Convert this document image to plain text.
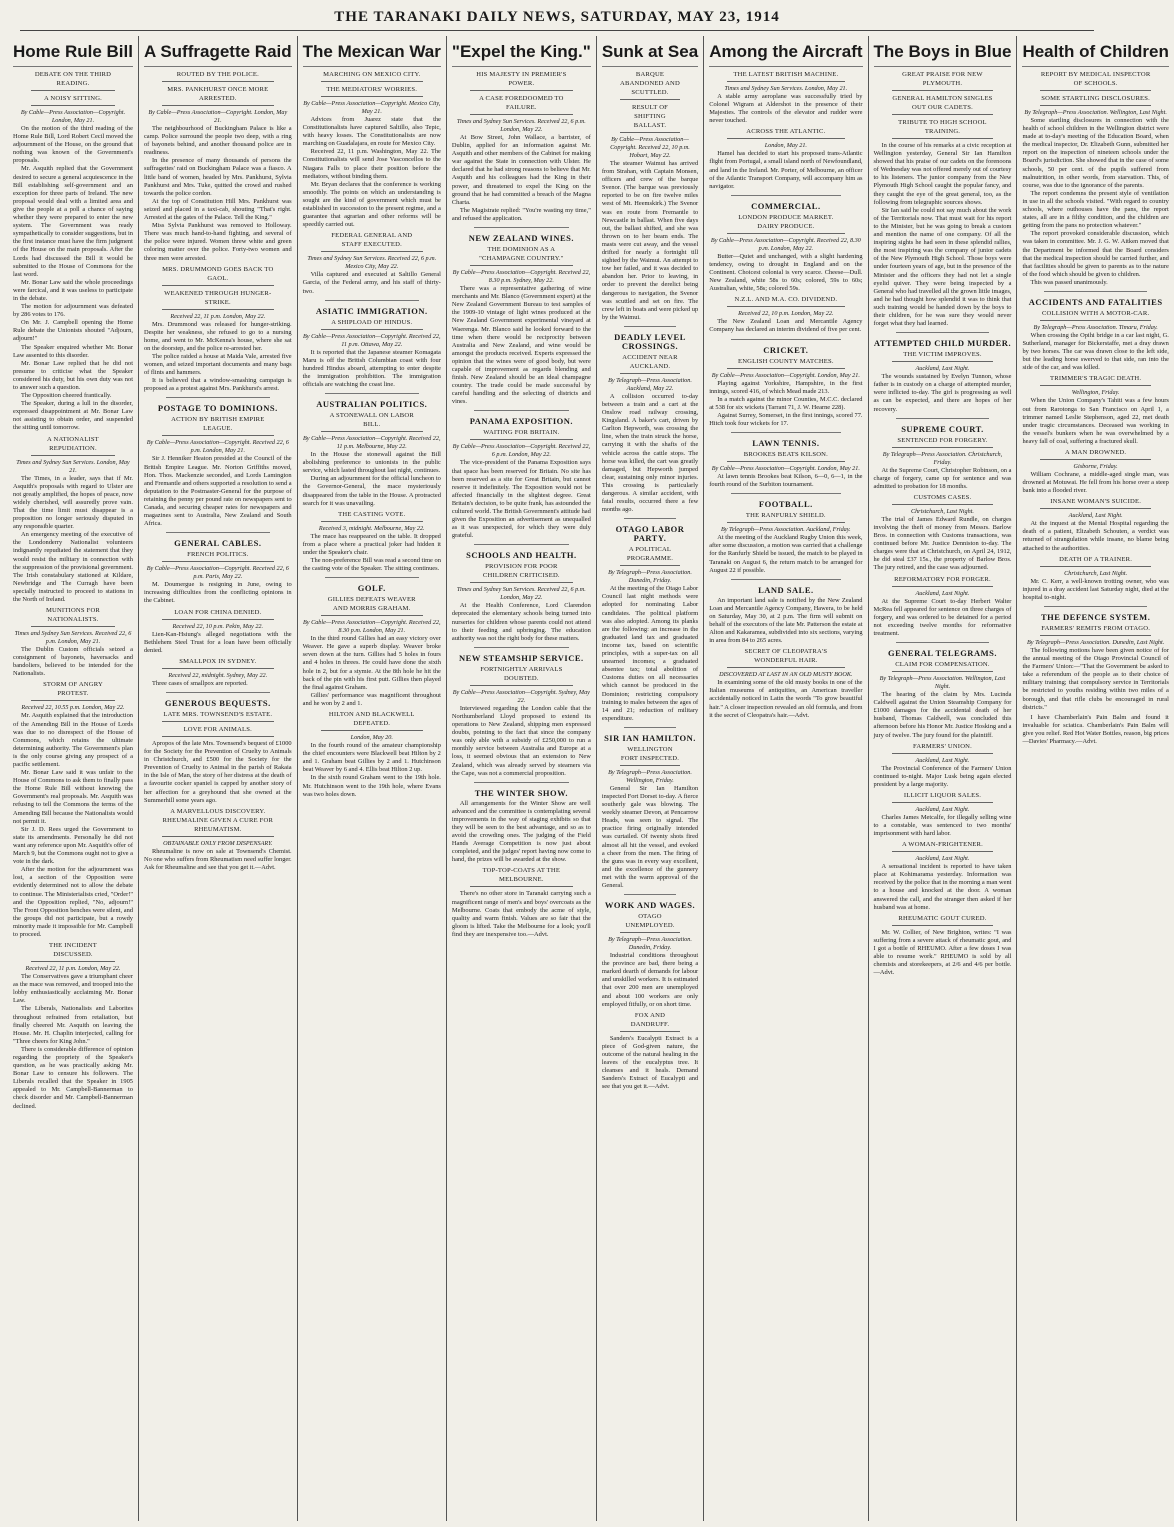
THE TARANAKI DAILY NEWS, SATURDAY, MAY 23, 1914
Home Rule Bill
DEBATE ON THE THIRD READING.
A NOISY SITTING.
By Cable—Press Association—Copyright. London, May 21.

On the motion of the third reading of the Home Rule Bill, Lord Robert Cecil moved the adjournment of the House, on the ground that nothing was known of the Government's proposals.

Mr. Asquith replied that the Government desired to secure a general acquiescence in the Bill establishing self-government and an exception for three parts of Ireland. The new proposal would deal with a limited area and give the people at a poll a chance of saying whether they were prepared to enter the new system. The Government was ready sympathetically to consider suggestions, but in the first instance must have the firm judgment of the House on the main proposals. After the Lords had discussed the Bill it would be submitted to the House of Commons for the last word.

Mr. Bonar Law said the whole proceedings were farcical, and it was useless to participate in the debate.

The motion for adjournment was defeated by 286 votes to 176.

On Mr. J. Campbell opening the Home Rule debate the Unionists shouted "Adjourn, adjourn!"

The Speaker enquired whether Mr. Bonar Law assented to this disorder.

Mr. Bonar Law replied that he did not presume to criticise what the Speaker considered his duty, but his own duty was not to answer such a question.

The Opposition cheered frantically.

The Speaker, during a lull in the disorder, expressed disappointment at Mr. Bonar Law not assisting to obtain order, and suspended the sitting until tomorrow.

A NATIONALIST REPUDIATION.
Times and Sydney Sun Services. London, May 21.

The Times, in a leader, says that if Mr. Asquith's proposals with regard to Ulster are not greatly amplified, the hopes of peace, now widely cherished, will assuredly prove vain. That the time limit must disappear is a proposition no longer seriously disputed in any responsible quarter.

An emergency meeting of the executive of the Londonderry Nationalist volunteers indignantly repudiated the statement that they would resist the military in connection with the suppression of the provisional government. The Irish constabulary stationed at Kildare, Newbridge and The Curragh have been specially instructed to proceed to stations in the North of Ireland.

MUNITIONS FOR NATIONALISTS.
Times and Sydney Sun Services. Received 22, 6 p.m. London, May 21.

The Dublin Custom officials seized a consignment of bayonets, haversacks and bandoliers, believed to be intended for the Nationalists.

STORM OF ANGRY PROTEST.
Received 22, 10.55 p.m. London, May 22.

Mr. Asquith explained that the introduction of the Amending Bill in the House of Lords was due to no disrespect of the House of Commons, which retains the ultimate determining authority. The Government's plan is the only course giving any prospect of a pacific settlement.

Mr. Bonar Law said it was unfair to the House of Commons to ask them to finally pass the Home Rule Bill without knowing the Government's real proposals. Mr. Asquith was refusing to tell the Commons the terms of the Amending Bill because the Nationalists would not permit it.

Sir J. D. Rees urged the Government to state its amendments. Personally he did not want any reference upon Mr. Asquith's offer of March 9, but the Commons ought not to give a vote in the dark.

After the motion for the adjournment was lost, a section of the Opposition were evidently determined not to allow the debate to continue. The Ministerialists cried, "Order!" and the Opposition replied, "No, adjourn!" The Front Opposition benches were silent, and the groups did not participate, but a rowdy minority made it impossible for Mr. Campbell to proceed.

THE INCIDENT DISCUSSED.
Received 22, 11 p.m. London, May 22.

The Conservatives gave a triumphant cheer as the mace was removed, and trooped into the lobby enthusiastically acclaiming Mr. Bonar Law.

The Liberals, Nationalists and Laborites throughout refrained from retaliation, but finally cheered Mr. Asquith on leaving the House. Mr. H. Chaplin interjected, calling for "Three cheers for King John."

There is considerable difference of opinion regarding the propriety of the Speaker's question, as he was practically asking Mr. Bonar Law to censure his followers. The Liberals recalled that the Speaker in 1905 appealed to Mr. Campbell-Bannerman to check disorder and Mr. Campbell-Bannerman declined.

A Suffragette Raid
ROUTED BY THE POLICE.
MRS. PANKHURST ONCE MORE ARRESTED.
By Cable—Press Association—Copyright. London, May 21.

The neighbourhood of Buckingham Palace is like a camp. Police surround the people two deep, with a ring of bayonets behind, and another thousand police are in readiness.

In the presence of many thousands of persons the suffragettes' raid on Buckingham Palace was a fiasco. A little band of women, headed by Mrs. Pankhurst, Sylvia Pankhurst and Mrs. Tuke, quitted the crowd and rushed towards the police cordon.

At the top of Constitution Hill Mrs. Pankhurst was seized and placed in a taxi-cab, shouting "That's right. Arrested at the gates of the Palace. Tell the King."

Miss Sylvia Pankhurst was removed to Holloway. There was much hand-to-hand fighting, and several of the police were injured. Women threw white and green coloring matter over the police. Forty-two women and three men were arrested.

MRS. DRUMMOND GOES BACK TO GAOL.
WEAKENED THROUGH HUNGER-STRIKE.
Received 22, 11 p.m. London, May 22.

Mrs. Drummond was released for hunger-striking. Despite her weakness, she refused to go to a nursing home, and went to Mr. McKenna's house, where she sat on the doorstep, and the police re-arrested her.

The police raided a house at Maida Vale, arrested five women, and seized important documents and many bags of flints and hammers.

It is believed that a window-smashing campaign is proposed as a protest against Mrs. Pankhurst's arrest.

POSTAGE TO DOMINIONS.
ACTION BY BRITISH EMPIRE LEAGUE.
By Cable—Press Association—Copyright. Received 22, 6 p.m. London, May 21.

Sir J. Henniker Heaton presided at the Council of the British Empire League. Mr. Norton Griffiths moved, Hon. Thos. Mackenzie seconded, and Lords Lamington and Fremantle and others supported a resolution to send a deputation to the Postmaster-General for the purpose of retaining the penny per pound rate on newspapers sent to Canada, and securing cheaper rates for newspapers and magazines sent to Australia, New Zealand and South Africa.

GENERAL CABLES.
FRENCH POLITICS.
By Cable—Press Association—Copyright. Received 22, 6 p.m. Paris, May 22.

M. Doumergue is resigning in June, owing to increasing difficulties from the conflicting opinions in the Cabinet.

LOAN FOR CHINA DENIED.
Received 22, 10 p.m. Pekin, May 22.

Lien-Kan-Hsiung's alleged negotiations with the Bethlehem Steel Trust for a loan have been officially denied.

SMALLPOX IN SYDNEY.
Received 22, midnight. Sydney, May 22.

Three cases of smallpox are reported.

GENEROUS BEQUESTS.
LATE MRS. TOWNSEND'S ESTATE.
LOVE FOR ANIMALS.

Apropos of the late Mrs. Townsend's bequest of £1000 for the Society for the Prevention of Cruelty to Animals in Christchurch, and £500 for the Society for the Prevention of Cruelty to Animal in the parish of Rakaia in the Isle of Man, the story of her distress at the death of a favourite cocker spaniel is capped by another story of her affection for a greyhound that she owned at the Summerhill some years ago.

A MARVELLOUS DISCOVERY. RHEUMALINE GIVEN A CURE FOR RHEUMATISM.
OBTAINABLE ONLY FROM DISPENSARY.

Rheumaline is now on sale at Townsend's Chemist. No one who suffers from Rheumatism need suffer longer. Ask for Rheumaline and see that you get it.—Advt.

The Mexican War
MARCHING ON MEXICO CITY.
THE MEDIATORS' WORRIES.
By Cable—Press Association—Copyright. Mexico City, May 21.

Advices from Juarez state that the Constitutionalists have captured Saltillo, also Tepic, with heavy losses. The Constitutionalists are now marching on Guadalajara, en route for Mexico City.

Received 22, 11 p.m. Washington, May 22. The Constitutionalists will send Jose Vasconcellos to the Niagara Falls to place their position before the mediators, without binding them.

Mr. Bryan declares that the conference is working smoothly. The points on which an understanding is sought are the kind of government which must be established in succession to the present regime, and a guarantee that agrarian and other reforms will be speedily carried out.

FEDERAL GENERAL AND STAFF EXECUTED.
Times and Sydney Sun Services. Received 22, 6 p.m. Mexico City, May 22.

Villa captured and executed at Saltillo General Garcia, of the Federal army, and his staff of thirty-two.

ASIATIC IMMIGRATION.
A SHIPLOAD OF HINDUS.
By Cable—Press Association—Copyright. Received 22, 11 p.m. Ottawa, May 22.

It is reported that the Japanese steamer Komagata Maru is off the British Columbian coast with four hundred Hindus aboard, attempting to enter despite the immigration prohibition. The immigration officials are watching the coast line.

AUSTRALIAN POLITICS.
A STONEWALL ON LABOR BILL.
By Cable—Press Association—Copyright. Received 22, 11 p.m. Melbourne, May 22.

In the House the stonewall against the Bill abolishing preference to unionists in the public service, which lasted throughout last night, continues.

During an adjournment for the official luncheon to the Governor-General, the mace mysteriously disappeared from the table in the House. A protracted search for it was unavailing.

THE CASTING VOTE.
Received 3, midnight. Melbourne, May 22.

The mace has reappeared on the table. It dropped from a place where a practical joker had hidden it under the Speaker's chair.

The non-preference Bill was read a second time on the casting vote of the Speaker. The sitting continues.

GOLF.
GILLIES DEFEATS WEAVER AND MORRIS GRAHAM.
By Cable—Press Association—Copyright. Received 22, 8.30 p.m. London, May 21.

In the third round Gillies had an easy victory over Weaver. He gave a superb display. Weaver broke seven down at the turn. Gillies had 5 holes in fours and 4 holes in threes. He could have done the sixth hole in 2, but for a stymie. At the 8th hole he hit the back of the pin with his first putt. Gillies then played the final against Graham.

Gillies' performance was magnificent throughout and he won by 2 and 1.

HILTON AND BLACKWELL DEFEATED.
London, May 20.

In the fourth round of the amateur championship the chief encounters were Blackwell beat Hilton by 2 and 1. Graham beat Gillies by 2 and 1. Hutchinson beat Weaver by 6 and 4. Ellis beat Hilton 2 up.

In the sixth round Graham went to the 19th hole. Mr. Hutchinson went to the 19th hole, where Evans was two holes down.

"Expel the King."
HIS MAJESTY IN PREMIER'S POWER.
A CASE FOREDOOMED TO FAILURE.
Times and Sydney Sun Services. Received 22, 6 p.m. London, May 22.

At Bow Street, John Wallace, a barrister, of Dublin, applied for an information against Mr. Asquith and other members of the Cabinet for making war against the State in connection with Ulster. He declared that he had strong reasons to believe that Mr. Asquith and his colleagues had the King in their power, and threatened to expel the King on the ground that he had committed a breach of the Magna Charta.

The Magistrate replied: "You're wasting my time," and refused the application.

NEW ZEALAND WINES.
THE DOMINION AS A "CHAMPAGNE COUNTRY."
By Cable—Press Association—Copyright. Received 22, 8.30 p.m. Sydney, May 22.

There was a representative gathering of wine merchants and Mr. Blanco (Government expert) at the New Zealand Government Bureau to test samples of the 1909-10 vintage of light wines produced at the New Zealand Government experimental vineyard at Waerenga. Mr. Blanco said he looked forward to the time when there would be reciprocity between Australia and New Zealand, and wine would be amongst the products received. Experts expressed the opinion that the wines were of good body, but were capable of improvement as regards blending and finish. New Zealand should be an ideal champagne country. The trade could be made successful by careful handling and the selecting of districts and vines.

PANAMA EXPOSITION.
WAITING FOR BRITAIN.
By Cable—Press Association—Copyright. Received 22, 6 p.m. London, May 22.

The vice-president of the Panama Exposition says that space has been reserved for Britain. No site has been reserved as a site for Great Britain, but cannot reserve it indefinitely. The Exposition would not be affected financially in the slightest degree. Great Britain's decision, to be quite frank, has astounded the cultured world. The British Government's attitude had given the Exposition an advertisement as unequalled as it was unexpected, for which they were duly grateful.

SCHOOLS AND HEALTH.
PROVISION FOR POOR CHILDREN CRITICISED.
Times and Sydney Sun Services. Received 22, 6 p.m. London, May 22.

At the Health Conference, Lord Clarendon deprecated the elementary schools being turned into nurseries for children whose parents could not attend to their feeding and upbringing. The education authority was not the right body for these matters.

NEW STEAMSHIP SERVICE.
FORTNIGHTLY ARRIVALS DOUBTED.
By Cable—Press Association—Copyright. Sydney, May 22.

Interviewed regarding the London cable that the Northumberland Lloyd proposed to extend its operations to New Zealand, shipping men expressed doubts, pointing to the fact that since the company was only able with a subsidy of £250,000 to run a monthly service between Australia and Europe at a loss, it seemed obvious that an extension to New Zealand, which was already served by steamers via the Cape, was not a commercial proposition.

THE WINTER SHOW.

All arrangements for the Winter Show are well advanced and the committee is contemplating several improvements in the way of staging exhibits so that they will be seen to the best advantage, and so as to avoid the crowding ones. The judging of the Field Hands Average Competition is now just about completed, and the judges' report having now come to hand, the prizes will be awarded at the show.

TOP-TOP-COATS AT THE MELBOURNE.

There's no other store in Taranaki carrying such a magnificent range of men's and boys' overcoats as the Melbourne. Coats that embody the acme of style, quality and warm finish. Values are so fair that the gloom is lifted. Take the Melbourne for a look; you'll find they are inexpensive too.—Advt.

Sunk at Sea
BARQUE ABANDONED AND SCUTTLED.
RESULT OF SHIFTING BALLAST.
By Cable—Press Association—Copyright. Received 22, 10 p.m. Hobart, May 22.

The steamer Waimui has arrived from Strahan, with Captain Monsen, officers and crew of the barque Svenor. (The barque was previously reported to be on fire twelve miles west of Mt. Heemskirk.) The Svenor was en route from Fremantle to Newcastle in ballast. When five days out, the ballast shifted, and she was thrown on to her beam ends. The masts were cut away, and the vessel drifted for nearly a fortnight till sighted by the Waimui. An attempt to tow her failed, and it was decided to abandon her. Prior to leaving, in order to prevent the derelict being dangerous to navigation, the Svenor was scuttled and set on fire. The crew left in boats and were picked up by the Waimui.

DEADLY LEVEL CROSSINGS.
ACCIDENT NEAR AUCKLAND.
By Telegraph—Press Association. Auckland, May 22.

A collision occurred to-day between a train and a cart at the Onslow road railway crossing, Kingsland. A baker's cart, driven by Carlton Hepworth, was crossing the line, when the train struck the horse, carrying it with the shafts of the vehicle across the cattle stops. The horse was killed, the cart was greatly damaged, but Hepworth jumped clear, sustaining only minor injuries. This crossing is particularly dangerous. A similar accident, with fatal results, occurred there a few months ago.

OTAGO LABOR PARTY.
A POLITICAL PROGRAMME.
By Telegraph—Press Association. Dunedin, Friday.

At the meeting of the Otago Labor Council last night methods were adopted for nominating Labor candidates. The political platform was also adopted. Among its planks are the following: an increase in the graduated land tax and graduated income tax, based on scientific principles, with a super-tax on all unearned incomes; a graduated absentee tax; total abolition of Customs duties on all necessaries which cannot be produced in the Dominion; restricting compulsory training to males between the ages of 14 and 21; reduction of military expenditure.

SIR IAN HAMILTON.
WELLINGTON FORT INSPECTED.
By Telegraph—Press Association. Wellington, Friday.

General Sir Ian Hamilton inspected Fort Dorset to-day. A fierce southerly gale was blowing. The weekly steamer Devon, at Pencarrow Heads, was seen to signal. The practice firing originally intended was curtailed. Of twenty shots fired almost all hit the vessel, and evoked a cheer from the men. The firing of the guns was in every way excellent, and the excellence of the gunnery met with the warm approval of the General.

WORK AND WAGES.
OTAGO UNEMPLOYED.
By Telegraph—Press Association. Dunedin, Friday.

Industrial conditions throughout the province are bad, there being a marked dearth of demands for labour and unskilled workers. It is estimated that over 200 men are unemployed and about 100 workers are only employed fitfully, or on short time.

FOX AND DANDRUFF.

Sanders's Eucalypti Extract is a piece of God-given nature, the outcome of the natural healing in the leaves of the eucalyptus tree. It cleanses and it heals. Demand Sanders's Extract of Eucalypti and see that you get it.—Advt.

Among the Aircraft
THE LATEST BRITISH MACHINE.
Times and Sydney Sun Services. London, May 21.

A stable army aeroplane was successfully tried by Colonel Wigram at Aldershot in the presence of their Majesties. The controls of the elevator and rudder were never touched.

ACROSS THE ATLANTIC.
London, May 21.

Hamel has decided to start his proposed trans-Atlantic flight from Portugal, a small island north of Newfoundland, and land in the Ireland. Mr. Porter, of Melbourne, an officer of the Atlantic Transport Company, will accompany him as navigator.

COMMERCIAL.
LONDON PRODUCE MARKET. DAIRY PRODUCE.
By Cable—Press Association—Copyright. Received 22, 8.30 p.m. London, May 22.

Butter—Quiet and unchanged, with a slight hardening tendency, owing to drought in England and on the Continent. Choicest colonial is very scarce. Cheese—Dull. New Zealand, white 58s to 60s; colored, 59s to 60s; Australian, white, 58s; colored 59s.

N.Z.L. AND M.A. CO. DIVIDEND.
Received 22, 10 p.m. London, May 22.

The New Zealand Loan and Mercantile Agency Company has declared an interim dividend of five per cent.

CRICKET.
ENGLISH COUNTY MATCHES.
By Cable—Press Association—Copyright. London, May 21.

Playing against Yorkshire, Hampshire, in the first innings, scored 416, of which Mead made 213.

In a match against the minor Counties, M.C.C. declared at 538 for six wickets (Tarrant 71, J. W. Hearne 228).

Against Surrey, Somerset, in the first innings, scored 77. Hitch took four wickets for 17.

LAWN TENNIS.
BROOKES BEATS KILSON.
By Cable—Press Association—Copyright. London, May 21.

At lawn tennis Brookes beat Kilson, 6—0, 6—1, in the fourth round of the Surbiton tournament.

FOOTBALL.
THE RANFURLY SHIELD.
By Telegraph—Press Association. Auckland, Friday.

At the meeting of the Auckland Rugby Union this week, after some discussion, a motion was carried that a challenge for the Ranfurly Shield be issued, the match to be played in Taranaki on August 6, the return match to be arranged for August 22 if possible.

LAND SALE.

An important land sale is notified by the New Zealand Loan and Mercantile Agency Company, Hawera, to be held on Saturday, May 30, at 2 p.m. The firm will submit on behalf of the executors of the late Mr. Patterson the estate at Alton and Kakaramea, subdivided into six sections, varying in area from 84 to 265 acres.

SECRET OF CLEOPATRA'S WONDERFUL HAIR.
DISCOVERED AT LAST IN AN OLD MUSTY BOOK.

In examining some of the old musty books in one of the Italian museums of antiquities, an American traveller accidentally noticed in Latin the words "To grow beautiful hair." A closer inspection revealed an old formula, and from it the secret of Cleopatra's hair.—Advt.

The Boys in Blue
GREAT PRAISE FOR NEW PLYMOUTH.
GENERAL HAMILTON SINGLES OUT OUR CADETS.
TRIBUTE TO HIGH SCHOOL TRAINING.

In the course of his remarks at a civic reception at Wellington yesterday, General Sir Ian Hamilton showed that his praise of our cadets on the forenoons of Wednesday was not offered merely out of courtesy to his listeners. The junior company from the New Plymouth High School caught the popular fancy, and they caught the eye of the great general, too, as the following from telegraphic sources shows.

Sir Ian said he could not say much about the work of the Territorials now. That must wait for his report to the Minister, but he was going to break a custom and mention the name of one company. Of all the inspiring sights he had seen in these splendid rallies, the most inspiring was the company of junior cadets of the New Plymouth High School. Those boys were under fourteen years of age, but in the presence of the Minister and the officers they had not let a single eyelid quiver. They were being inspected by a General who had travelled all the grown little images, and he had thought how splendid it was to think that such training would be handed down by the boys to their children, for he was sure they would never forget what they had learned.

ATTEMPTED CHILD MURDER.
THE VICTIM IMPROVES.
Auckland, Last Night.

The wounds sustained by Evelyn Tunnon, whose father is in custody on a charge of attempted murder, were inflicted to-day. The girl is progressing as well as can be expected, and there are hopes of her recovery.

SUPREME COURT.
SENTENCED FOR FORGERY.
By Telegraph—Press Association. Christchurch, Friday.

At the Supreme Court, Christopher Robinson, on a charge of forgery, came up for sentence and was admitted to probation for 18 months.

CUSTOMS CASES.
Christchurch, Last Night.

The trial of James Edward Rundle, on charges involving the theft of money from Messrs. Barlow Bros. in connection with Customs transactions, was continued before Mr. Justice Denniston to-day. The charges were that at Christchurch, on April 24, 1912, he did steal £37 15s., the property of Barlow Bros. The jury retired, and the case was adjourned.

REFORMATORY FOR FORGER.
Auckland, Last Night.

At the Supreme Court to-day Herbert Walter McRea fell appeared for sentence on three charges of forgery, and was ordered to be detained for a period not exceeding twelve months for reformative treatment.

GENERAL TELEGRAMS.
CLAIM FOR COMPENSATION.
By Telegraph—Press Association. Wellington, Last Night.

The hearing of the claim by Mrs. Lucinda Caldwell against the Union Steamship Company for £1000 damages for the accidental death of her husband, Thomas Caldwell, was concluded this afternoon before his Honor Mr. Justice Hosking and a jury of twelve. The jury found for the plaintiff.

FARMERS' UNION.
Auckland, Last Night.

The Provincial Conference of the Farmers' Union continued to-night. Major Lusk being again elected president by a large majority.

ILLICIT LIQUOR SALES.
Auckland, Last Night.

Charles James Metcalfe, for illegally selling wine to a constable, was sentenced to two months' imprisonment with hard labor.

A WOMAN-FRIGHTENER.
Auckland, Last Night.

A sensational incident is reported to have taken place at Kohimarama yesterday. Information was received by the police that in the morning a man went to a house and knocked at the door. A woman answered the call, and the stranger then asked if her husband was at home.

RHEUMATIC GOUT CURED.

Mr. W. Collier, of New Brighton, writes: "I was suffering from a severe attack of rheumatic gout, and I got a bottle of RHEUMO. After a few doses I was able to resume work." RHEUMO is sold by all chemists and storekeepers, at 2/6 and 4/6 per bottle.—Advt.

Health of Children
REPORT BY MEDICAL INSPECTOR OF SCHOOLS.
SOME STARTLING DISCLOSURES.
By Telegraph—Press Association. Wellington, Last Night.

Some startling disclosures in connection with the health of school children in the Wellington district were made at to-day's meeting of the Education Board, when the medical inspector, Dr. Elizabeth Gunn, submitted her report on the inspection of nineteen schools under the Board's jurisdiction. She showed that in the case of some schools, 50 per cent. of the pupils suffered from malnutrition, in other words, from starvation. This, of course, was due to the ignorance of the parents.

The report condemns the present style of ventilation in use in all the schools visited. "With regard to country schools, where outhouses have the pans, the report states, all are in a filthy condition, and the children are getting from the pans no protection whatever."

The report provoked considerable discussion, which was taken in committee. Mr. J. G. W. Aitken moved that the Department be informed that the Board considers that the medical inspection should be carried further, and that facilities should be given to parents as to the nature of the food which should be given to children.

This was passed unanimously.

ACCIDENTS AND FATALITIES
COLLISION WITH A MOTOR-CAR.
By Telegraph—Press Association. Timaru, Friday.

When crossing the Opihi bridge in a car last night, G. Sutherland, manager for Bickerstaffe, met a dray drawn by two horses. The car was drawn close to the left side, but the leading horse swerved to that side, ran into the side of the car, and was killed.

TRIMMER'S TRAGIC DEATH.
Wellington, Friday.

When the Union Company's Tahiti was a few hours out from Rarotonga to San Francisco on April 1, a trimmer named Leslie Stephenson, aged 22, met death under tragic circumstances. Deceased was working in the vessel's bunkers when he was overwhelmed by a heavy fall of coal, suffering a fractured skull.

A MAN DROWNED.
Gisborne, Friday.

William Cochrane, a middle-aged single man, was drowned at Motuwai. He fell from his horse over a steep bank into a flooded river.

INSANE WOMAN'S SUICIDE.
Auckland, Last Night.

At the inquest at the Mental Hospital regarding the death of a patient, Elizabeth Schouten, a verdict was returned of strangulation while insane, no blame being attached to the authorities.

DEATH OF A TRAINER.
Christchurch, Last Night.

Mr. C. Kerr, a well-known trotting owner, who was injured in a dray accident last Saturday night, died at the hospital to-night.

THE DEFENCE SYSTEM.
FARMERS' REMITS FROM OTAGO.
By Telegraph—Press Association. Dunedin, Last Night.

The following motions have been given notice of for the annual meeting of the Otago Provincial Council of the Farmers' Union:—"That the Government be asked to take a referendum of the people as to their choice of military training; that compulsory service in Territorials be restricted to youths residing within two miles of a borough, and that rifle clubs be encouraged in rural districts."

I have Chamberlain's Pain Balm and found it invaluable for sciatica. Chamberlain's Pain Balm will give you relief. Red Hot Water Bottles, reason, big prices—Davies' Pharmacy.—Advt.
